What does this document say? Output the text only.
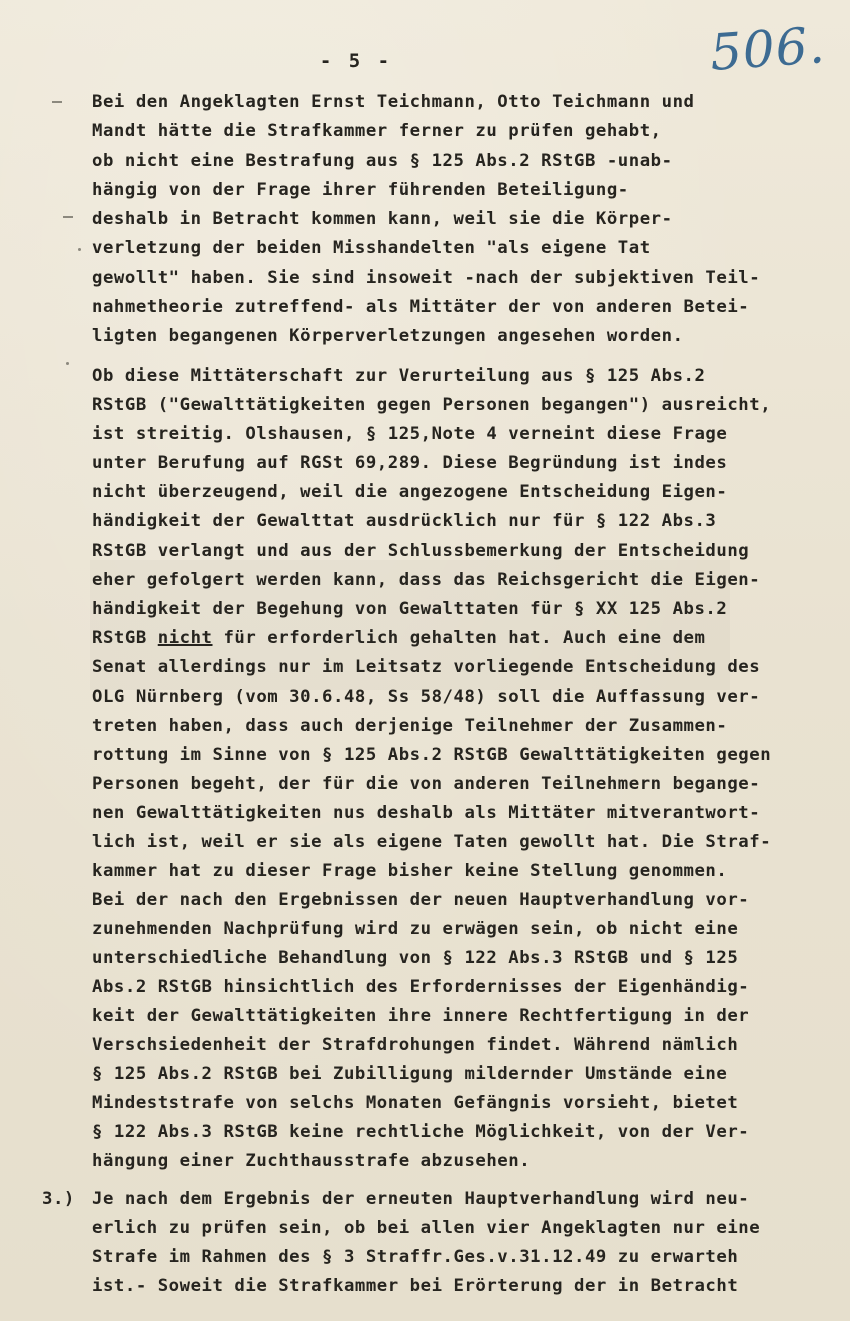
- 5 -	506.
Bei den Angeklagten Ernst Teichmann, Otto Teichmann und
Mandt hätte die Strafkammer ferner zu prüfen gehabt,
ob nicht eine Bestrafung aus § 125 Abs.2 RStGB -unab-
hängig von der Frage ihrer führenden Beteiligung-
deshalb in Betracht kommen kann, weil sie die Körper-
verletzung der beiden Misshandelten "als eigene Tat
gewollt" haben. Sie sind insoweit -nach der subjektiven Teil-
nahmetheorie zutreffend- als Mittäter der von anderen Betei-
ligten begangenen Körperverletzungen angesehen worden.
Ob diese Mittäterschaft zur Verurteilung aus § 125 Abs.2
RStGB ("Gewalttätigkeiten gegen Personen begangen") ausreicht,
ist streitig. Olshausen, § 125,Note 4 verneint diese Frage
unter Berufung auf RGSt 69,289. Diese Begründung ist indes
nicht überzeugend, weil die angezogene Entscheidung Eigen-
händigkeit der Gewalttat ausdrücklich nur für § 122 Abs.3
RStGB verlangt und aus der Schlussbemerkung der Entscheidung
eher gefolgert werden kann, dass das Reichsgericht die Eigen-
händigkeit der Begehung von Gewalttaten für § XX 125 Abs.2
RStGB nicht für erforderlich gehalten hat. Auch eine dem
Senat allerdings nur im Leitsatz vorliegende Entscheidung des
OLG Nürnberg (vom 30.6.48, Ss 58/48) soll die Auffassung ver-
treten haben, dass auch derjenige Teilnehmer der Zusammen-
rottung im Sinne von § 125 Abs.2 RStGB Gewalttätigkeiten gegen
Personen begeht, der für die von anderen Teilnehmern begange-
nen Gewalttätigkeiten nus deshalb als Mittäter mitverantwort-
lich ist, weil er sie als eigene Taten gewollt hat. Die Straf-
kammer hat zu dieser Frage bisher keine Stellung genommen.
Bei der nach den Ergebnissen der neuen Hauptverhandlung vor-
zunehmenden Nachprüfung wird zu erwägen sein, ob nicht eine
unterschiedliche Behandlung von § 122 Abs.3 RStGB und § 125
Abs.2 RStGB hinsichtlich des Erfordernisses der Eigenhändig-
keit der Gewalttätigkeiten ihre innere Rechtfertigung in der
Verschsiedenheit der Strafdrohungen findet. Während nämlich
§ 125 Abs.2 RStGB bei Zubilligung mildernder Umstände eine
Mindeststrafe von selchs Monaten Gefängnis vorsieht, bietet
§ 122 Abs.3 RStGB keine rechtliche Möglichkeit, von der Ver-
hängung einer Zuchthausstrafe abzusehen.
3.) Je nach dem Ergebnis der erneuten Hauptverhandlung wird neu-
erlich zu prüfen sein, ob bei allen vier Angeklagten nur eine
Strafe im Rahmen des § 3 Straffr.Ges.v.31.12.49 zu erwarteh
ist.- Soweit die Strafkammer bei Erörterung der in Betracht
